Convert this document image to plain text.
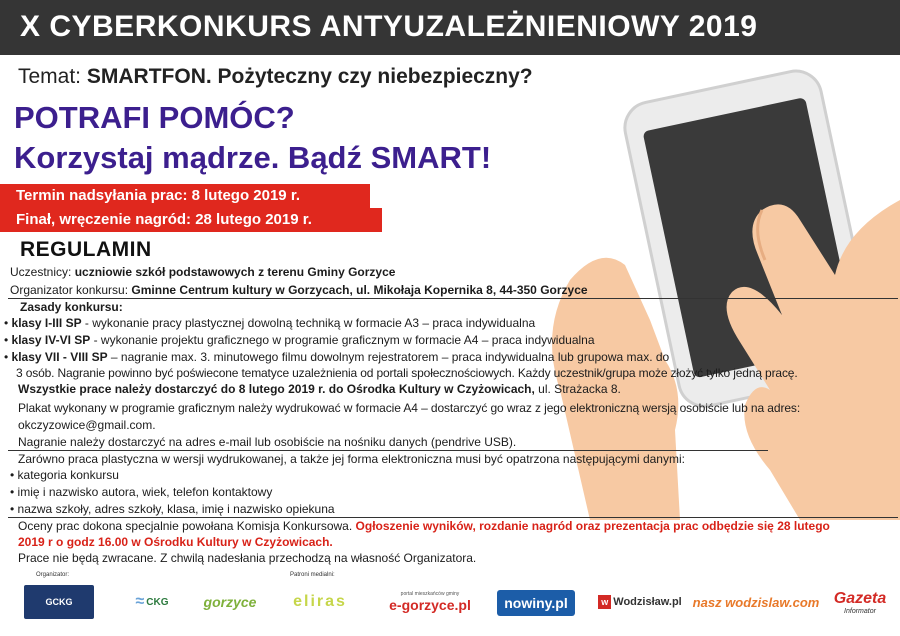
X CYBERKONKURS ANTYUZALEŻNIENIOWY 2019
Temat: SMARTFON. Pożyteczny czy niebezpieczny?
POTRAFI POMÓC?
Korzystaj mądrze. Bądź SMART!
Termin nadsyłania prac: 8 lutego 2019 r.
Finał, wręczenie nagród: 28 lutego 2019 r.
REGULAMIN
Uczestnicy: uczniowie szkół podstawowych z terenu Gminy Gorzyce
Organizator konkursu: Gminne Centrum kultury w Gorzycach, ul. Mikołaja Kopernika 8, 44-350 Gorzyce
Zasady konkursu:
• klasy I-III SP - wykonanie pracy plastycznej dowolną techniką w formacie A3 – praca indywidualna
• klasy IV-VI SP - wykonanie projektu graficznego w programie graficznym w formacie A4 – praca indywidualna
• klasy VII - VIII SP – nagranie max. 3. minutowego filmu dowolnym rejestratorem – praca indywidualna lub grupowa max. do
3 osób. Nagranie powinno być poświecone tematyce uzależnienia od portali społecznościowych. Każdy uczestnik/grupa może złożyć tylko jedną pracę.
Wszystkie prace należy dostarczyć do 8 lutego 2019 r. do Ośrodka Kultury w Czyżowicach, ul. Strażacka 8.
Plakat wykonany w programie graficznym należy wydrukować w formacie A4 – dostarczyć go wraz z jego elektroniczną wersją osobiście lub na adres:
okczyzowice@gmail.com.
Nagranie należy dostarczyć na adres e-mail lub osobiście na nośniku danych (pendrive USB).
Zarówno praca plastyczna w wersji wydrukowanej, a także jej forma elektroniczna musi być opatrzona następującymi danymi:
• kategoria konkursu
• imię i nazwisko autora, wiek, telefon kontaktowy
• nazwa szkoły, adres szkoły, klasa, imię i nazwisko opiekuna
Oceny prac dokona specjalnie powołana Komisja Konkursowa. Ogłoszenie wyników, rozdanie nagród oraz prezentacja prac odbędzie się 28 lutego
2019 r o godz 16.00 w Ośrodku Kultury w Czyżowicach.
Prace nie będą zwracane. Z chwilą nadesłania przechodzą na własność Organizatora.
Organizator:	Patroni medialni:
GCKG	≈ CKG	gorzyce eliras	portal mieszkańców gminy
e-gorzyce.pl nowiny.pl	w Wodzisław.pl nasz wodzislaw.com Gazeta
Informator
